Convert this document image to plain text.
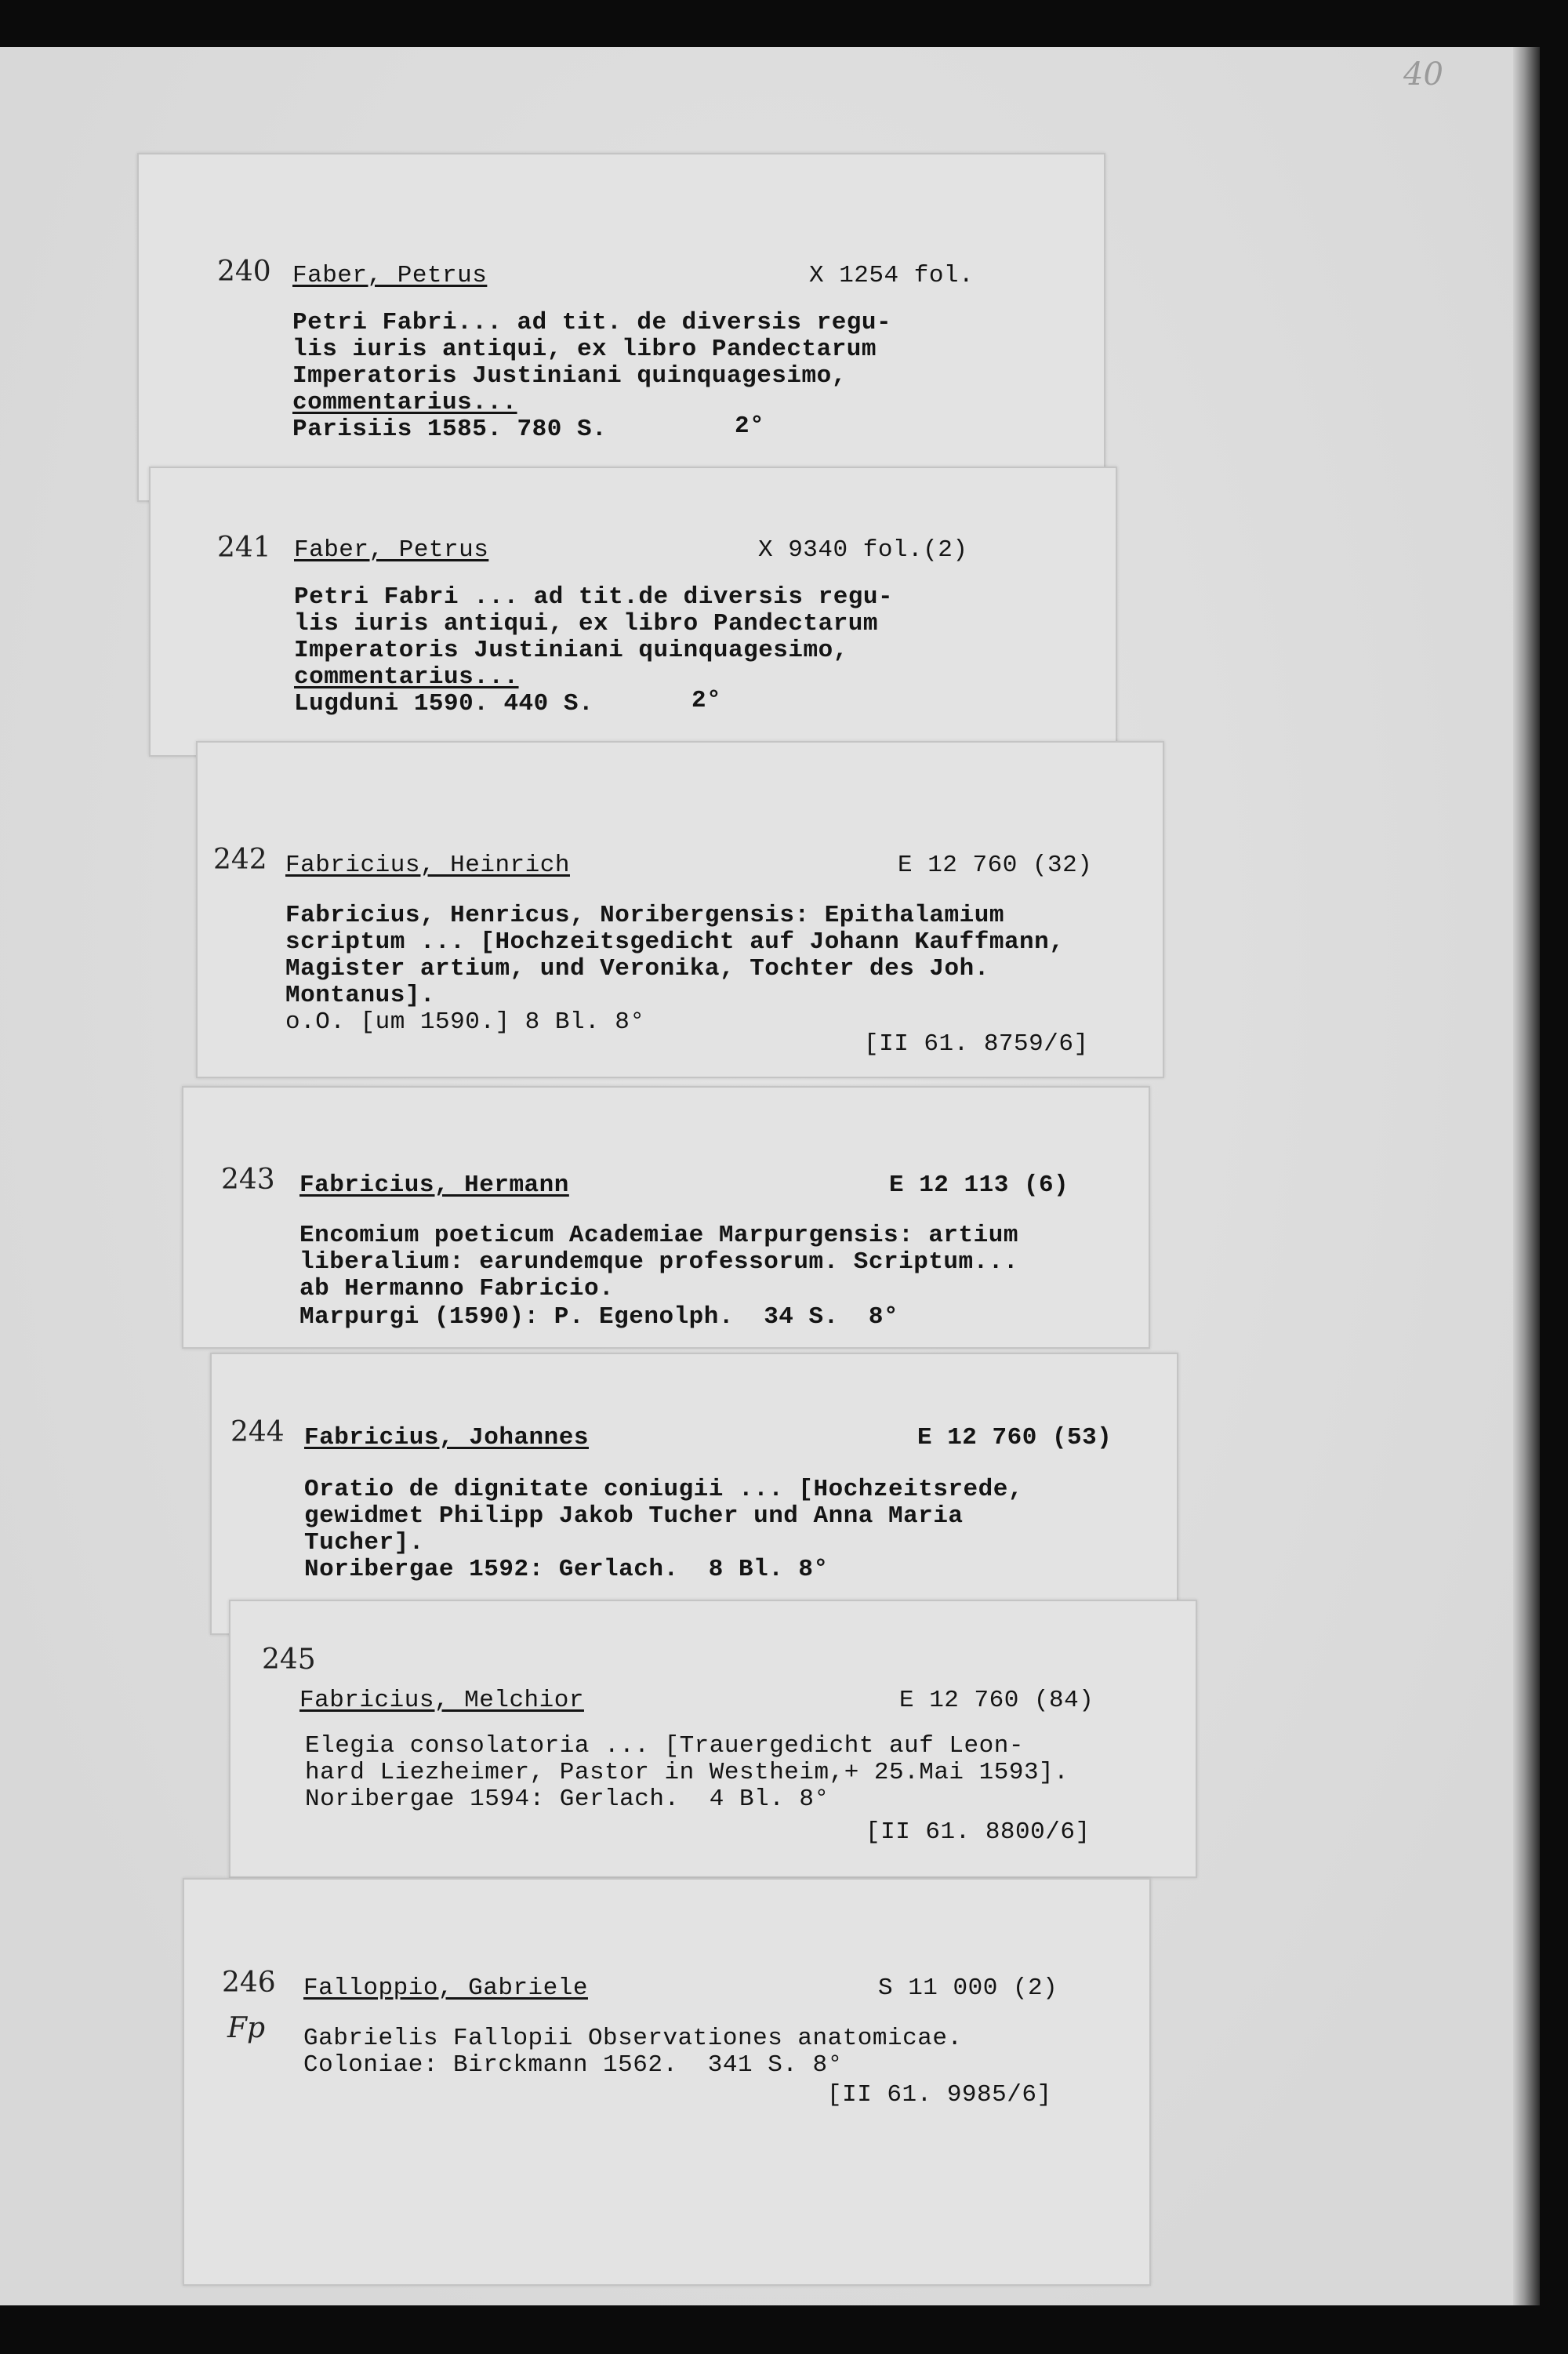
40
240 Faber, Petrus	X 1254 fol.
Petri Fabri... ad tit. de diversis regu-
lis iuris antiqui, ex libro Pandectarum
Imperatoris Justiniani quinquagesimo,
commentarius...
Parisiis 1585. 780 S.	2°
241 Faber, Petrus	X 9340 fol.(2)
Petri Fabri ... ad tit.de diversis regu-
lis iuris antiqui, ex libro Pandectarum
Imperatoris Justiniani quinquagesimo,
commentarius...
Lugduni 1590. 440 S.	2°
242 Fabricius, Heinrich	E 12 760 (32)
Fabricius, Henricus, Noribergensis: Epithalamium
scriptum ... [Hochzeitsgedicht auf Johann Kauffmann,
Magister artium, und Veronika, Tochter des Joh.
Montanus].
o.O. [um 1590.] 8 Bl. 8°
[II 61. 8759/6]
243 Fabricius, Hermann	E 12 113 (6)
Encomium poeticum Academiae Marpurgensis: artium
liberalium: earundemque professorum. Scriptum...
ab Hermanno Fabricio.
Marpurgi (1590): P. Egenolph.  34 S.  8°
244 Fabricius, Johannes	E 12 760 (53)
Oratio de dignitate coniugii ... [Hochzeitsrede,
gewidmet Philipp Jakob Tucher und Anna Maria
Tucher].
Noribergae 1592: Gerlach.  8 Bl. 8°
245
Fabricius, Melchior	E 12 760 (84)
Elegia consolatoria ... [Trauergedicht auf Leon-
hard Liezheimer, Pastor in Westheim,+ 25.Mai 1593].
Noribergae 1594: Gerlach.  4 Bl. 8°
[II 61. 8800/6]
246 Falloppio, Gabriele	S 11 000 (2)
Fp Gabrielis Fallopii Observationes anatomicae.
Coloniae: Birckmann 1562.  341 S. 8°
[II 61. 9985/6]
